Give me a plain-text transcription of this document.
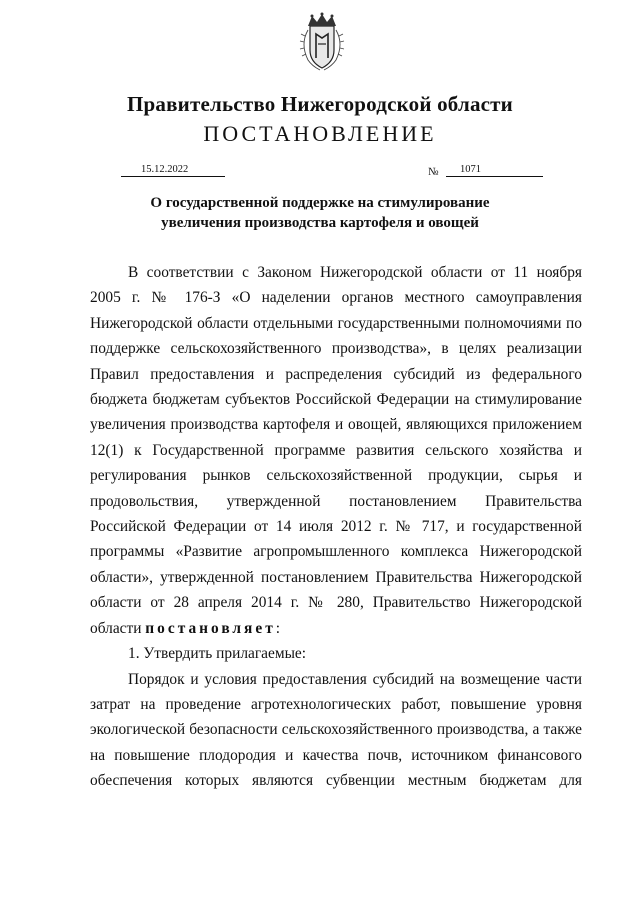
Правительство Нижегородской области
ПОСТАНОВЛЕНИЕ
15.12.2022	№	1071
О государственной поддержке на стимулирование
увеличения производства картофеля и овощей
В соответствии с Законом Нижегородской области от 11 ноября
2005 г. № 176-З «О наделении органов местного самоуправления
Нижегородской области отдельными государственными полномочиями по
поддержке сельскохозяйственного производства», в целях реализации
Правил предоставления и распределения субсидий из федерального
бюджета бюджетам субъектов Российской Федерации на стимулирование
увеличения производства картофеля и овощей, являющихся приложением
12(1) к Государственной программе развития сельского хозяйства и
регулирования рынков сельскохозяйственной продукции, сырья и
продовольствия, утвержденной постановлением Правительства
Российской Федерации от 14 июля 2012 г. № 717, и государственной
программы «Развитие агропромышленного комплекса Нижегородской
области», утвержденной постановлением Правительства Нижегородской
области от 28 апреля 2014 г. № 280, Правительство Нижегородской
области постановляет:
1. Утвердить прилагаемые:
Порядок и условия предоставления субсидий на возмещение части
затрат на проведение агротехнологических работ, повышение уровня
экологической безопасности сельскохозяйственного производства, а также
на повышение плодородия и качества почв, источником финансового
обеспечения которых являются субвенции местным бюджетам для
